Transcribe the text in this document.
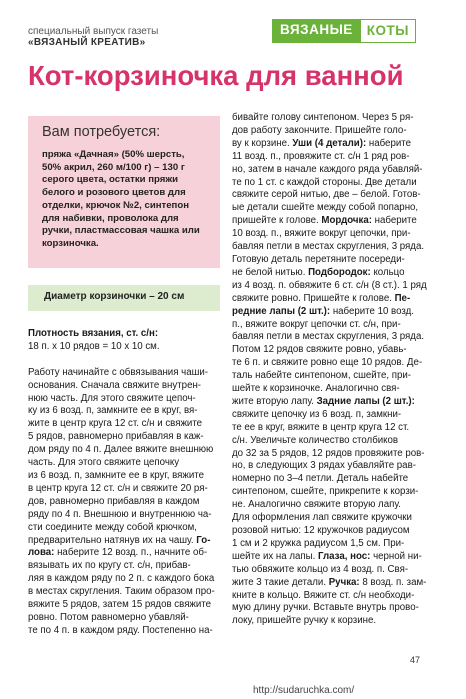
специальный выпуск газеты
«ВЯЗАНЫЙ КРЕАТИВ»
ВЯЗАНЫЕ	КОТЫ
Кот-корзиночка для ванной
Вам потребуется:
пряжа «Дачная» (50% шерсть,
50% акрил, 260 м/100 г) – 130 г
серого цвета, остатки пряжи
белого и розового цветов для
отделки, крючок №2, синтепон
для набивки, проволока для
ручки, пластмассовая чашка или
корзиночка.
Диаметр корзиночки – 20 см

Плотность вязания, ст. с/н:

18 п. х 10 рядов = 10 х 10 см.

Работу начинайте с обвязывания чаши-

основания. Сначала свяжите внутрен-

нюю часть. Для этого свяжите цепоч-

ку из 6 возд. п, замкните ее в круг, вя-

жите в центр круга 12 ст. с/н и свяжите

5 рядов, равномерно прибавляя в каж-

дом ряду по 4 п. Далее вяжите внешнюю

часть. Для этого свяжите цепочку

из 6 возд. п, замкните ее в круг, вяжите

в центр круга 12 ст. с/н и свяжите 20 ря-

дов, равномерно прибавляя в каждом

ряду по 4 п. Внешнюю и внутреннюю ча-

сти соедините между собой крючком,

предварительно натянув их на чашу. Го-

лова: наберите 12 возд. п., начните об-

вязывать их по кругу ст. с/н, прибав-

ляя в каждом ряду по 2 п. с каждого бока

в местах скругления. Таким образом про-

вяжите 5 рядов, затем 15 рядов свяжите

ровно. Потом равномерно убавляй-

те по 4 п. в каждом ряду. Постепенно на-

бивайте голову синтепоном. Через 5 ря-

дов работу закончите. Пришейте голо-

ву к корзине. Уши (4 детали): наберите

11 возд. п., провяжите ст. с/н 1 ряд ров-

но, затем в начале каждого ряда убавляй-

те по 1 ст. с каждой стороны. Две детали

свяжите серой нитью, две – белой. Готов-

ые детали сшейте между собой попарно,

пришейте к голове. Мордочка: наберите

10 возд. п., вяжите вокруг цепочки, при-

бавляя петли в местах скругления, 3 ряда.

Готовую деталь перетяните посереди-

не белой нитью. Подбородок: кольцо

из 4 возд. п. обвяжите 6 ст. с/н (8 ст.). 1 ряд

свяжите ровно. Пришейте к голове. Пе-

редние лапы (2 шт.): наберите 10 возд.

п., вяжите вокруг цепочки ст. с/н, при-

бавляя петли в местах скругления, 3 ряда.

Потом 12 рядов свяжите ровно, убавь-

те 6 п. и свяжите ровно еще 10 рядов. Де-

таль набейте синтепоном, сшейте, при-

шейте к корзиночке. Аналогично свя-

жите вторую лапу. Задние лапы (2 шт.):

свяжите цепочку из 6 возд. п, замкни-

те ее в круг, вяжите в центр круга 12 ст.

с/н. Увеличьте количество столбиков

до 32 за 5 рядов, 12 рядов провяжите ров-

но, в следующих 3 рядах убавляйте рав-

номерно по 3–4 петли. Деталь набейте

синтепоном, сшейте, прикрепите к корзи-

не. Аналогично свяжите вторую лапу.

Для оформления лап свяжите кружочки

розовой нитью: 12 кружочков радиусом

1 см и 2 кружка радиусом 1,5 см. При-

шейте их на лапы. Глаза, нос: черной ни-

тью обвяжите кольцо из 4 возд. п. Свя-

жите 3 такие детали. Ручка: 8 возд. п. зам-

кните в кольцо. Вяжите ст. с/н необходи-

мую длину ручки. Вставьте внутрь прово-

локу, пришейте ручку к корзине.

47
http://sudaruchka.com/
